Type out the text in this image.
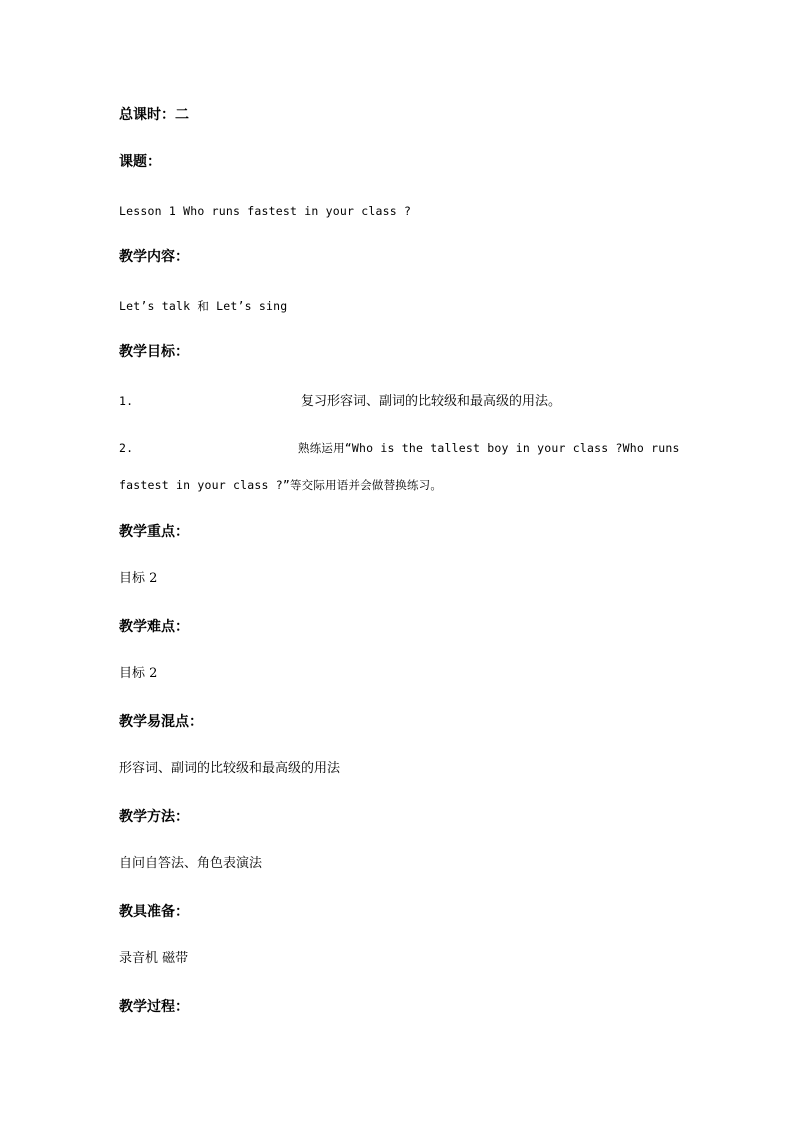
总课时：二
课题：
Lesson 1 Who runs fastest in your class ?
教学内容：
Let’s talk 和 Let’s sing
教学目标：
1.	复习形容词、副词的比较级和最高级的用法。
2.	熟练运用“Who is the tallest boy in your class ?Who runs
fastest in your class ?”等交际用语并会做替换练习。
教学重点：
目标 2
教学难点：
目标 2
教学易混点：
形容词、副词的比较级和最高级的用法
教学方法：
自问自答法、角色表演法
教具准备：
录音机 磁带
教学过程：
